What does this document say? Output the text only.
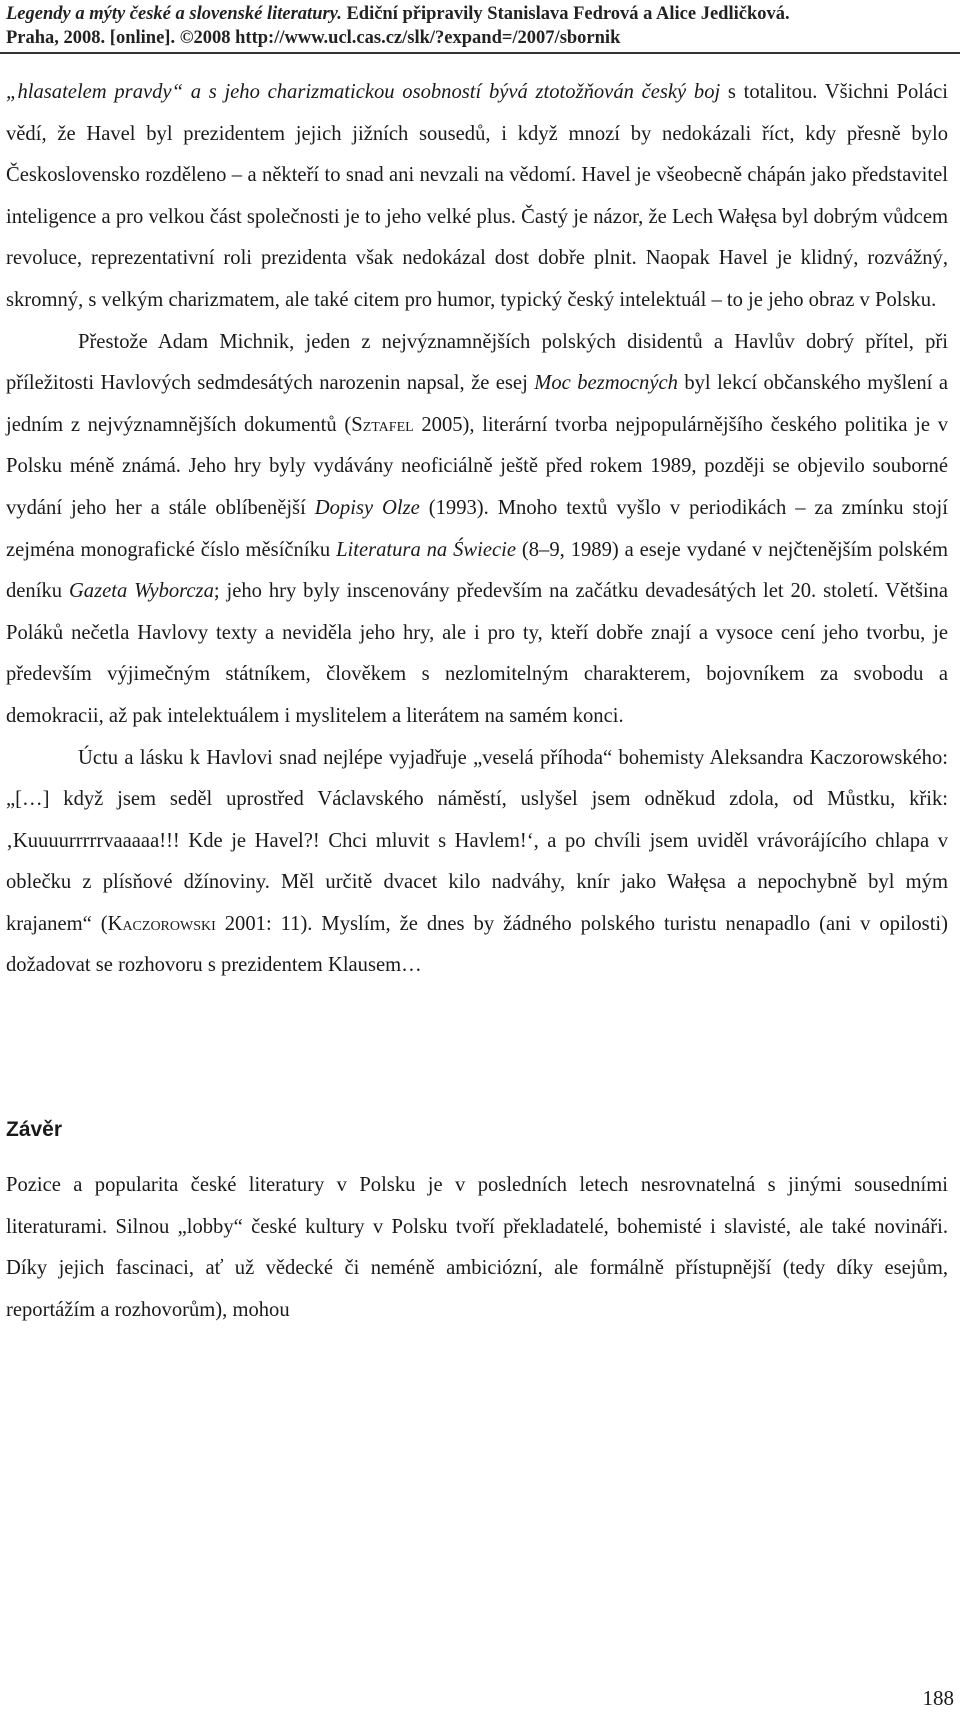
Legendy a mýty české a slovenské literatury. Ediční připravily Stanislava Fedrová a Alice Jedličková.
Praha, 2008. [online]. ©2008 http://www.ucl.cas.cz/slk/?expand=/2007/sbornik

„hlasatelem pravdy“ a s jeho charizmatickou osobností bývá ztotožňován český boj s totalitou. Všichni Poláci vědí, že Havel byl prezidentem jejich jižních sousedů, i když mnozí by nedokázali říct, kdy přesně bylo Československo rozděleno – a někteří to snad ani nevzali na vědomí. Havel je všeobecně chápán jako představitel inteligence a pro velkou část společnosti je to jeho velké plus. Častý je názor, že Lech Wałęsa byl dobrým vůdcem revoluce, reprezentativní roli prezidenta však nedokázal dost dobře plnit. Naopak Havel je klidný, rozvážný, skromný, s velkým charizmatem, ale také citem pro humor, typický český intelektuál – to je jeho obraz v Polsku.

Přestože Adam Michnik, jeden z nejvýznamnějších polských disidentů a Havlův dobrý přítel, při příležitosti Havlových sedmdesátých narozenin napsal, že esej Moc bezmocných byl lekcí občanského myšlení a jedním z nejvýznamnějších dokumentů (Sztafel 2005), literární tvorba nejpopulárnějšího českého politika je v Polsku méně známá. Jeho hry byly vydávány neoficiálně ještě před rokem 1989, později se objevilo souborné vydání jeho her a stále oblíbenější Dopisy Olze (1993). Mnoho textů vyšlo v periodikách – za zmínku stojí zejména monografické číslo měsíčníku Literatura na Świecie (8–9, 1989) a eseje vydané v nejčtenějším polském deníku Gazeta Wyborcza; jeho hry byly inscenovány především na začátku devadesátých let 20. století. Většina Poláků nečetla Havlovy texty a neviděla jeho hry, ale i pro ty, kteří dobře znají a vysoce cení jeho tvorbu, je především výjimečným státníkem, člověkem s nezlomitelným charakterem, bojovníkem za svobodu a demokracii, až pak intelektuálem i myslitelem a literátem na samém konci.

Úctu a lásku k Havlovi snad nejlépe vyjadřuje „veselá příhoda“ bohemisty Aleksandra Kaczorowského: „[…] když jsem seděl uprostřed Václavského náměstí, uslyšel jsem odněkud zdola, od Můstku, křik: ‚Kuuuurrrrrvaaaaa!!! Kde je Havel?! Chci mluvit s Havlem!‘, a po chvíli jsem uviděl vrávorájícího chlapa v oblečku z plísňové džínoviny. Měl určitě dvacet kilo nadváhy, knír jako Wałęsa a nepochybně byl mým krajanem“ (Kaczorowski 2001: 11). Myslím, že dnes by žádného polského turistu nenapadlo (ani v opilosti) dožadovat se rozhovoru s prezidentem Klausem…

Závěr

Pozice a popularita české literatury v Polsku je v posledních letech nesrovnatelná s jinými sousedními literaturami. Silnou „lobby“ české kultury v Polsku tvoří překladatelé, bohemisté i slavisté, ale také novináři. Díky jejich fascinaci, ať už vědecké či neméně ambiciózní, ale formálně přístupnější (tedy díky esejům, reportážím a rozhovorům), mohou

188
